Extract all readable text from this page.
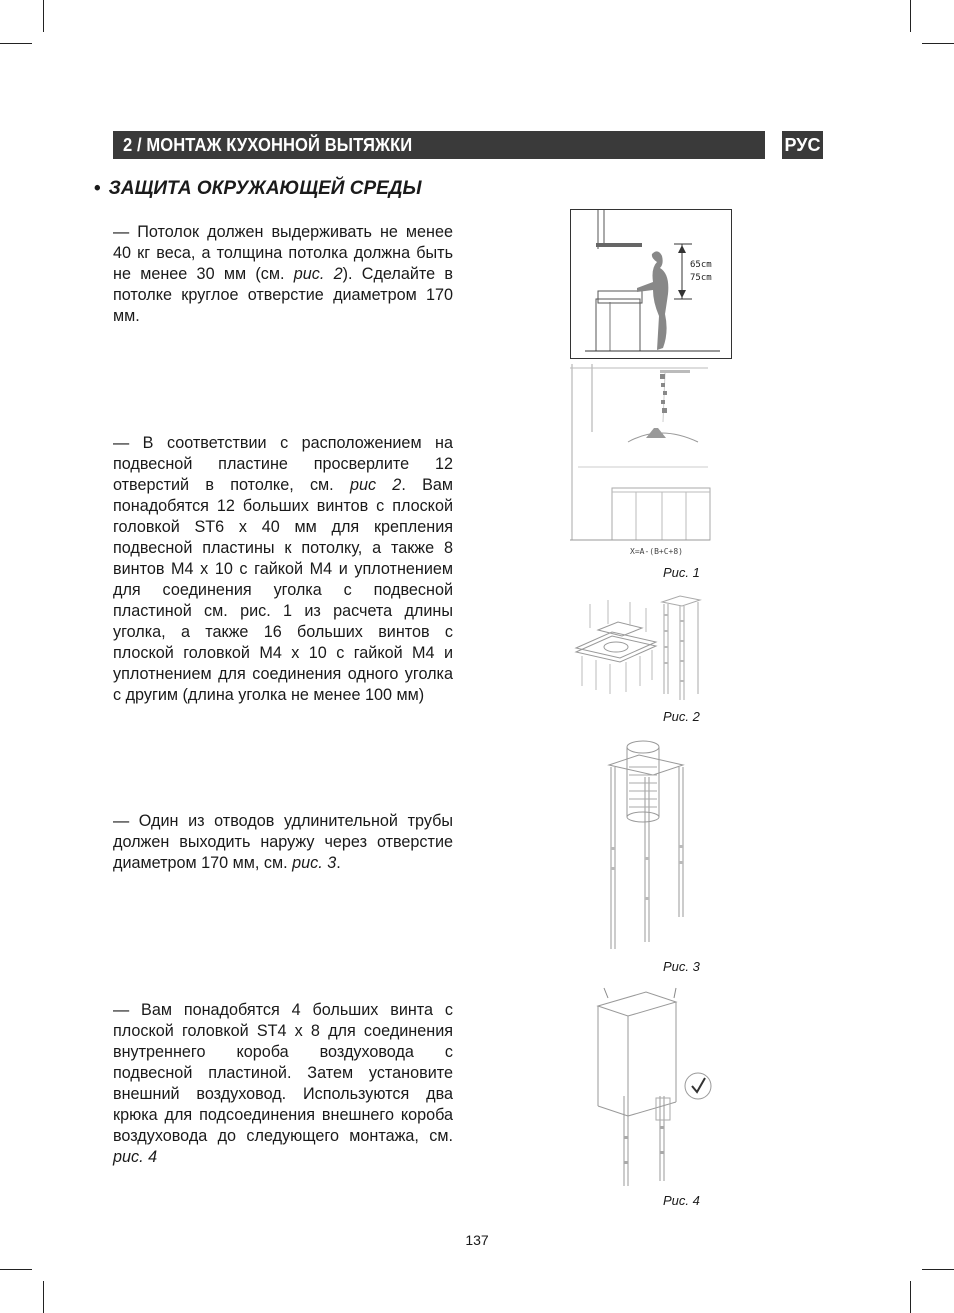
2 / МОНТАЖ КУХОННОЙ ВЫТЯЖКИ	РУС
• ЗАЩИТА ОКРУЖАЮЩЕЙ СРЕДЫ
— Потолок должен выдерживать не менее 40 кг веса, а толщина потолка должна быть не менее 30 мм (см. рис. 2). Сделайте в потолке круглое отверстие диаметром 170 мм.
— В соответствии с расположением на подвесной пластине просверлите 12 отверстий в потолке, см. рис 2. Вам понадобятся 12 больших винтов с плоской головкой ST6 x 40 мм для крепления подвесной пластины к потолку, а также 8 винтов M4 x 10 с гайкой M4 и уплотнением для соединения уголка с подвесной пластиной см. рис. 1 из расчета длины уголка, а также 16 больших винтов с плоской головкой M4 x 10 с гайкой M4 и уплотнением для соединения одного уголка с другим (длина уголка не менее 100 мм)
— Один из отводов удлинительной трубы должен выходить наружу через отверстие диаметром 170 мм, см. рис. 3.
— Вам понадобятся 4 больших винта с плоской головкой ST4 x 8 для соединения внутреннего короба воздуховода с подвесной пластиной. Затем установите внешний воздуховод. Используются два крюка для подсоединения внешнего короба воздуховода до следующего монтажа, см. рис. 4
65cm
75cm
X=A-(B+C+8)
Рис. 1
Рис. 2
Рис. 3
Рис. 4
137
